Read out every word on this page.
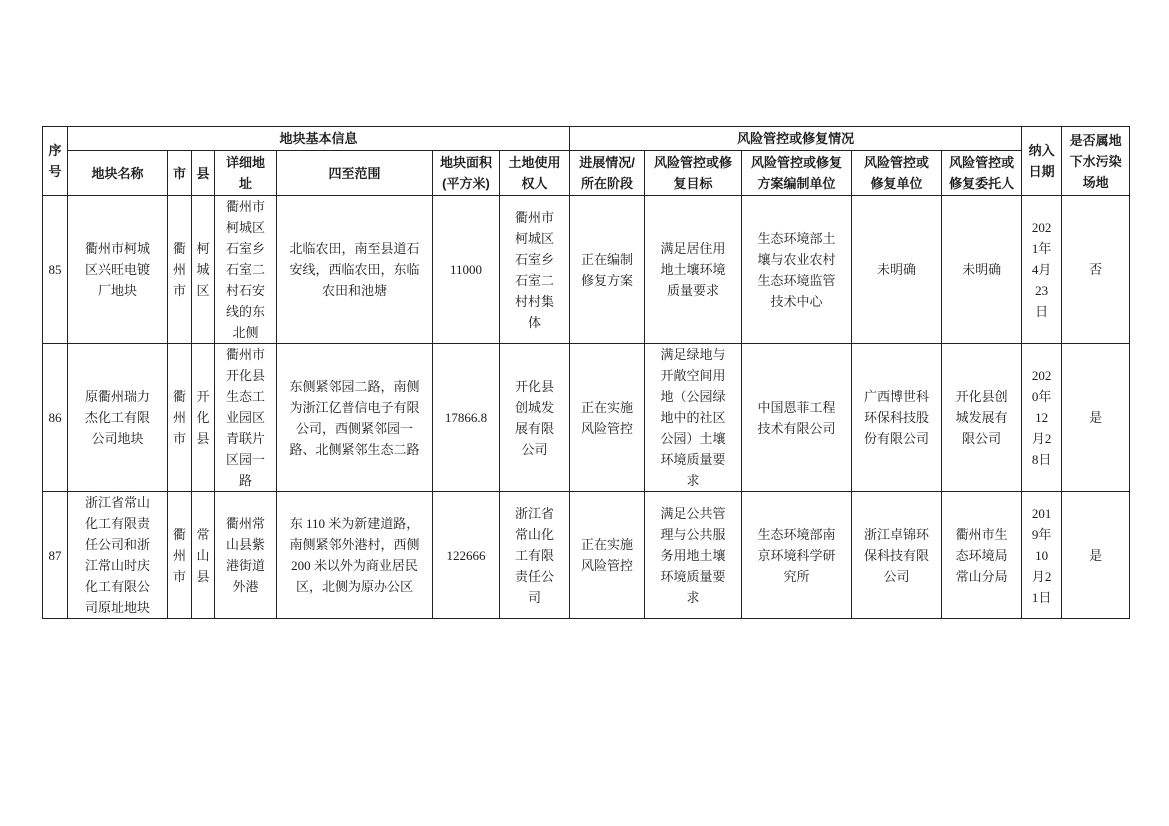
序号	地块基本信息							风险管控或修复情况					纳入日期	是否属地下水污染场地
	地块名称	市	县	详细地址	四至范围	地块面积(平方米)	土地使用权人	进展情况/所在阶段	风险管控或修复目标	风险管控或修复方案编制单位	风险管控或修复单位	风险管控或修复委托人		
85	衢州市柯城区兴旺电镀厂地块	衢州市	柯城区	衢州市柯城区石室乡石室二村石安线的东北侧	北临农田，南至县道石安线，西临农田，东临农田和池塘	11000	衢州市柯城区石室乡石室二村村集体	正在编制修复方案	满足居住用地土壤环境质量要求	生态环境部土壤与农业农村生态环境监管技术中心	未明确	未明确	2021年4月23日	否
86	原衢州瑞力杰化工有限公司地块	衢州市	开化县	衢州市开化县生态工业园区青联片区园一路	东侧紧邻园二路，南侧为浙江亿普信电子有限公司，西侧紧邻园一路、北侧紧邻生态二路	17866.8	开化县创城发展有限公司	正在实施风险管控	满足绿地与开敞空间用地（公园绿地中的社区公园）土壤环境质量要求	中国恩菲工程技术有限公司	广西博世科环保科技股份有限公司	开化县创城发展有限公司	2020年12月28日	是
87	浙江省常山化工有限责任公司和浙江常山时庆化工有限公司原址地块	衢州市	常山县	衢州常山县紫港街道外港	东 110 米为新建道路，南侧紧邻外港村，西侧 200 米以外为商业居民区，北侧为原办公区	122666	浙江省常山化工有限责任公司	正在实施风险管控	满足公共管理与公共服务用地土壤环境质量要求	生态环境部南京环境科学研究所	浙江卓锦环保科技有限公司	衢州市生态环境局常山分局	2019年10月21日	是
